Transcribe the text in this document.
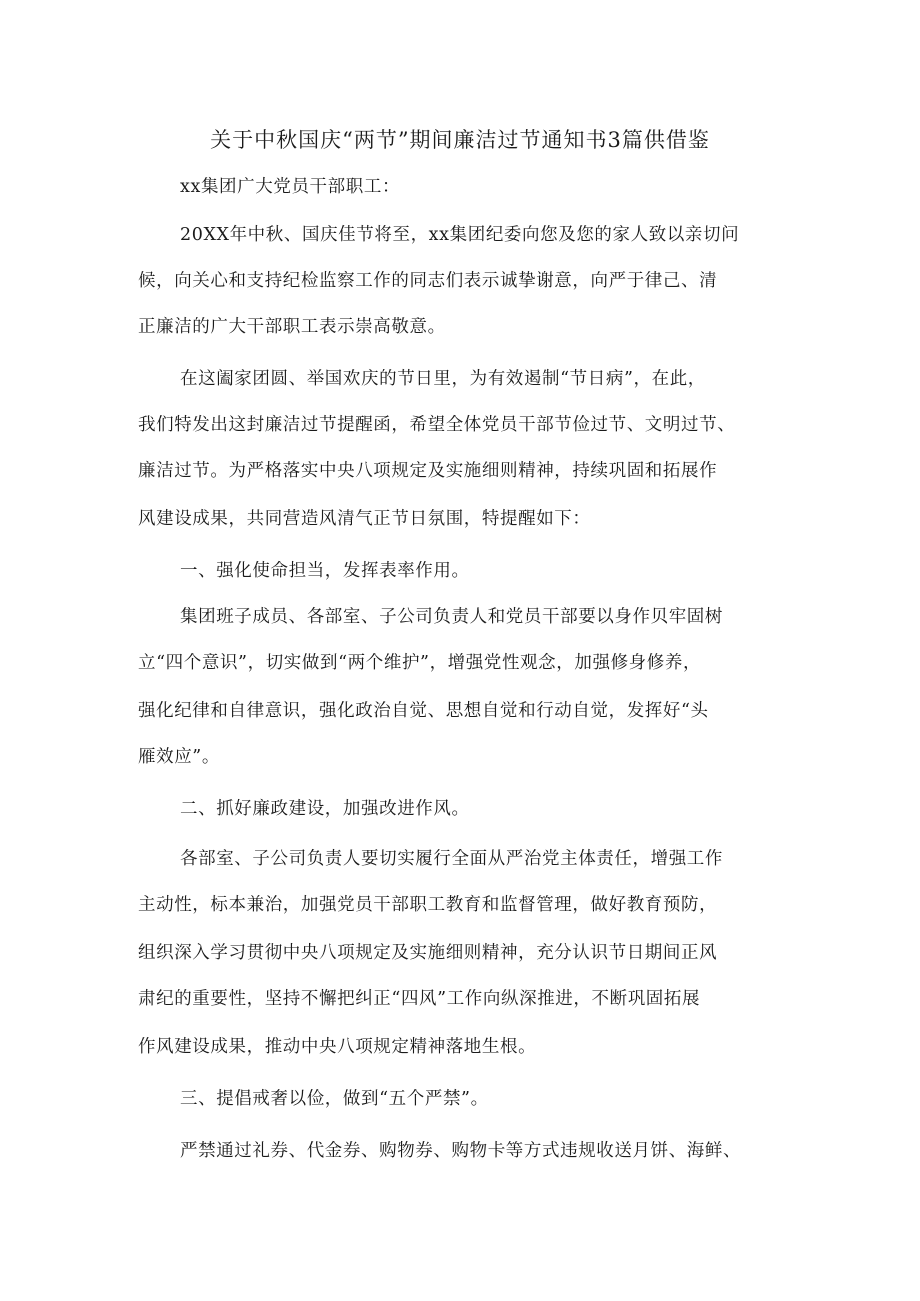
关于中秋国庆“两节”期间廉洁过节通知书3篇供借鉴
xx集团广大党员干部职工：
20XX年中秋、国庆佳节将至，xx集团纪委向您及您的家人致以亲切问
候，向关心和支持纪检监察工作的同志们表示诚挚谢意，向严于律己、清
正廉洁的广大干部职工表示崇高敬意。
在这阖家团圆、举国欢庆的节日里，为有效遏制“节日病”，在此，
我们特发出这封廉洁过节提醒函，希望全体党员干部节俭过节、文明过节、
廉洁过节。为严格落实中央八项规定及实施细则精神，持续巩固和拓展作
风建设成果，共同营造风清气正节日氛围，特提醒如下：
一、强化使命担当，发挥表率作用。
集团班子成员、各部室、子公司负责人和党员干部要以身作贝牢固树
立“四个意识”，切实做到“两个维护”，增强党性观念，加强修身修养，
强化纪律和自律意识，强化政治自觉、思想自觉和行动自觉，发挥好“头
雁效应”。
二、抓好廉政建设，加强改进作风。
各部室、子公司负责人要切实履行全面从严治党主体责任，增强工作
主动性，标本兼治，加强党员干部职工教育和监督管理，做好教育预防，
组织深入学习贯彻中央八项规定及实施细则精神，充分认识节日期间正风
肃纪的重要性，坚持不懈把纠正“四风”工作向纵深推进，不断巩固拓展
作风建设成果，推动中央八项规定精神落地生根。
三、提倡戒奢以俭，做到“五个严禁”。
严禁通过礼券、代金券、购物券、购物卡等方式违规收送月饼、海鲜、
